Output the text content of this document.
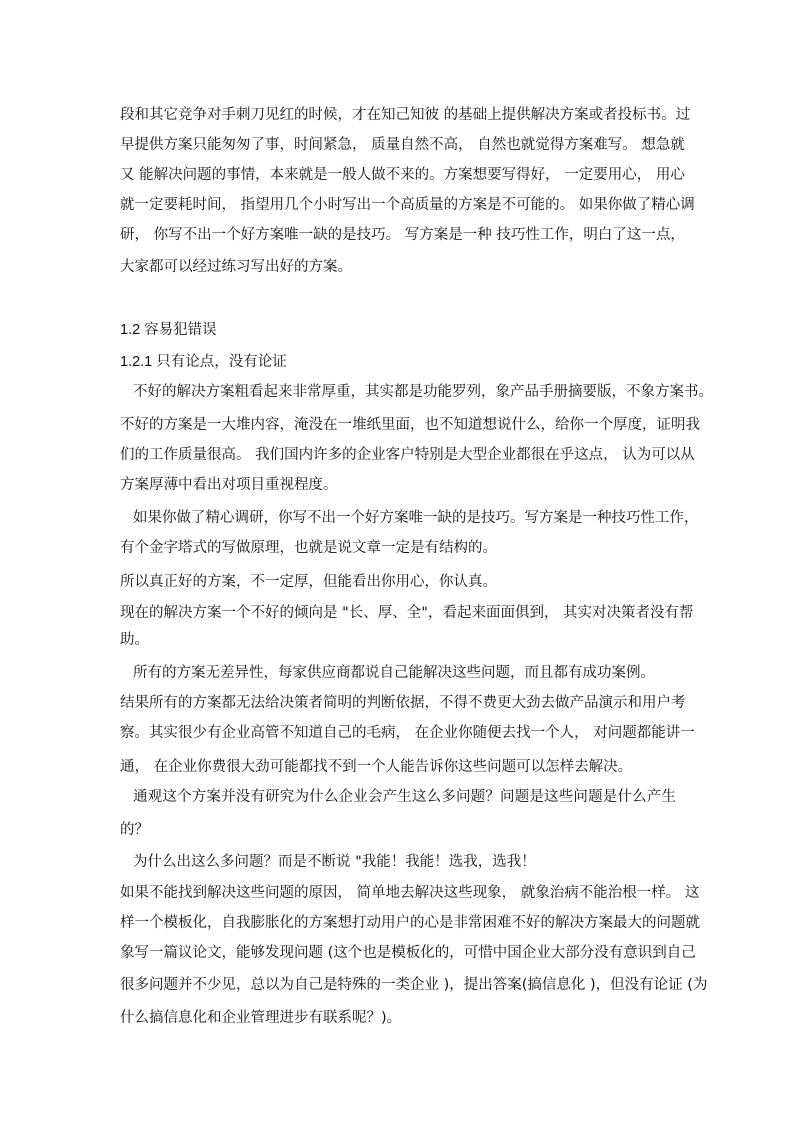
段和其它竞争对手刺刀见红的时候，才在知己知彼 的基础上提供解决方案或者投标书。过
早提供方案只能匆匆了事，时间紧急， 质量自然不高， 自然也就觉得方案难写。 想急就
又 能解决问题的事情，本来就是一般人做不来的。方案想要写得好， 一定要用心， 用心
就一定要耗时间， 指望用几个小时写出一个高质量的方案是不可能的。 如果你做了精心调
研， 你写不出一个好方案唯一缺的是技巧。 写方案是一种 技巧性工作，明白了这一点，
大家都可以经过练习写出好的方案。
1.2 容易犯错误
1.2.1 只有论点，没有论证
不好的解决方案粗看起来非常厚重，其实都是功能罗列，象产品手册摘要版，不象方案书。
不好的方案是一大堆内容，淹没在一堆纸里面，也不知道想说什么，给你一个厚度，证明我
们的工作质量很高。 我们国内许多的企业客户特别是大型企业都很在乎这点， 认为可以从
方案厚薄中看出对项目重视程度。
如果你做了精心调研，你写不出一个好方案唯一缺的是技巧。写方案是一种技巧性工作，
有个金字塔式的写做原理，也就是说文章一定是有结构的。
所以真正好的方案，不一定厚，但能看出你用心，你认真。
现在的解决方案一个不好的倾向是 "长、厚、全"，看起来面面俱到， 其实对决策者没有帮
助。
所有的方案无差异性，每家供应商都说自己能解决这些问题，而且都有成功案例。
结果所有的方案都无法给决策者简明的判断依据，不得不费更大劲去做产品演示和用户考
察。其实很少有企业高管不知道自己的毛病， 在企业你随便去找一个人， 对问题都能讲一
通， 在企业你费很大劲可能都找不到一个人能告诉你这些问题可以怎样去解决。
通观这个方案并没有研究为什么企业会产生这么多问题？问题是这些问题是什么产生
的？
为什么出这么多问题？而是不断说 "我能！我能！选我，选我！
如果不能找到解决这些问题的原因， 简单地去解决这些现象， 就象治病不能治根一样。 这
样一个模板化，自我膨胀化的方案想打动用户的心是非常困难不好的解决方案最大的问题就
象写一篇议论文，能够发现问题 (这个也是模板化的，可惜中国企业大部分没有意识到自己
很多问题并不少见，总以为自己是特殊的一类企业 )，提出答案(搞信息化 )，但没有论证 (为
什么搞信息化和企业管理进步有联系呢？)。
